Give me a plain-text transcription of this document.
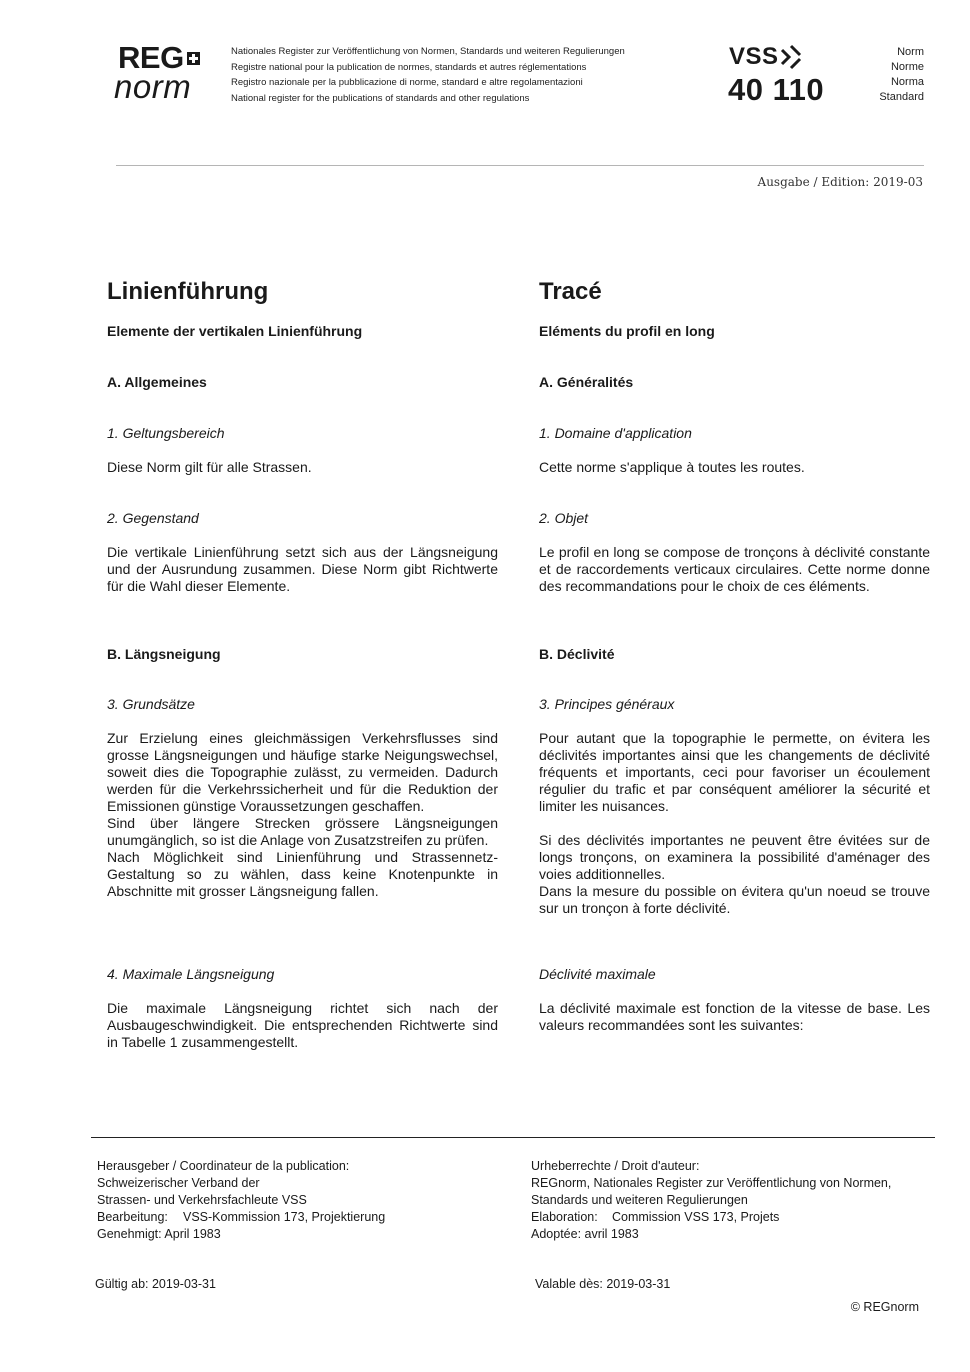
REG
norm
Nationales Register zur Veröffentlichung von Normen, Standards und weiteren Regulierungen
Registre national pour la publication de normes, standards et autres réglementations
Registro nazionale per la pubblicazione di norme, standard e altre regolamentazioni
National register for the publications of standards and other regulations
VSS
40 110
Norm
Norme
Norma
Standard
Ausgabe / Edition: 2019-03
Linienführung
Elemente der vertikalen Linienführung
A. Allgemeines
1. Geltungsbereich

Diese Norm gilt für alle Strassen.

2. Gegenstand

Die vertikale Linienführung setzt sich aus der Längsneigung und der Ausrundung zusammen. Diese Norm gibt Richtwerte für die Wahl dieser Elemente.

B. Längsneigung
3. Grundsätze
Zur Erzielung eines gleichmässigen Verkehrsflusses sind grosse Längsneigungen und häufige starke Neigungswechsel, soweit dies die Topographie zulässt, zu vermeiden. Dadurch werden für die Verkehrssicherheit und für die Reduktion der Emissionen günstige Voraussetzungen geschaffen.
Sind über längere Strecken grössere Längsneigungen unumgänglich, so ist die Anlage von Zusatzstreifen zu prüfen.
Nach Möglichkeit sind Linienführung und Strassennetz-Gestaltung so zu wählen, dass keine Knotenpunkte in Abschnitte mit grosser Längsneigung fallen.
4. Maximale Längsneigung

Die maximale Längsneigung richtet sich nach der Ausbaugeschwindigkeit. Die entsprechenden Richtwerte sind in Tabelle 1 zusammengestellt.

Tracé
Eléments du profil en long
A. Généralités
1. Domaine d'application

Cette norme s'applique à toutes les routes.

2. Objet

Le profil en long se compose de tronçons à déclivité constante et de raccordements verticaux circulaires. Cette norme donne des recommandations pour le choix de ces éléments.

B. Déclivité
3. Principes généraux
Pour autant que la topographie le permette, on évitera les déclivités importantes ainsi que les changements de déclivité fréquents et importants, ceci pour favoriser un écoulement régulier du trafic et par conséquent améliorer la sécurité et limiter les nuisances.
Si des déclivités importantes ne peuvent être évitées sur de longs tronçons, on examinera la possibilité d'aménager des voies additionnelles.
Dans la mesure du possible on évitera qu'un noeud se trouve sur un tronçon à forte déclivité.
Déclivité maximale

La déclivité maximale est fonction de la vitesse de base. Les valeurs recommandées sont les suivantes:

Herausgeber / Coordinateur de la publication:
Schweizerischer Verband der
Strassen- und Verkehrsfachleute VSS
Bearbeitung: VSS-Kommission 173, Projektierung
Genehmigt: April 1983
Urheberrechte / Droit d'auteur:
REGnorm, Nationales Register zur Veröffentlichung von Normen,
Standards und weiteren Regulierungen
Elaboration: Commission VSS 173, Projets
Adoptée: avril 1983
Gültig ab: 2019-03-31	Valable dès: 2019-03-31
© REGnorm
